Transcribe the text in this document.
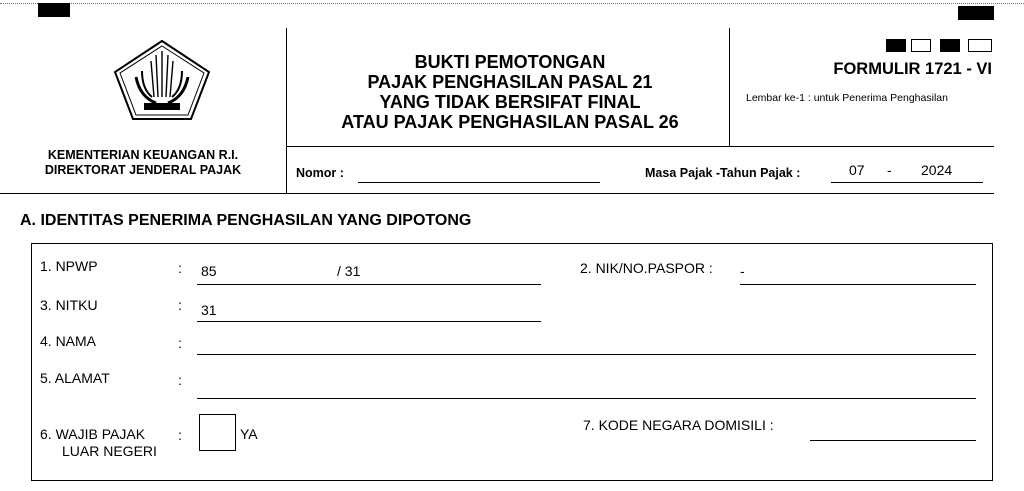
KEMENTERIAN KEUANGAN R.I.
DIREKTORAT JENDERAL PAJAK
BUKTI PEMOTONGAN
PAJAK PENGHASILAN PASAL 21
YANG TIDAK BERSIFAT FINAL
ATAU PAJAK PENGHASILAN PASAL 26
FORMULIR 1721 - VI
Lembar ke-1 : untuk Penerima Penghasilan
Nomor :	Masa Pajak -Tahun Pajak :	07 - 2024
A. IDENTITAS PENERIMA PENGHASILAN YANG DIPOTONG
1. NPWP	: 85	/ 31	2. NIK/NO.PASPOR : -
3. NITKU	: 31
4. NAMA	:
5. ALAMAT	:
6. WAJIB PAJAK
LUAR NEGERI
:	YA
7. KODE NEGARA DOMISILI :
